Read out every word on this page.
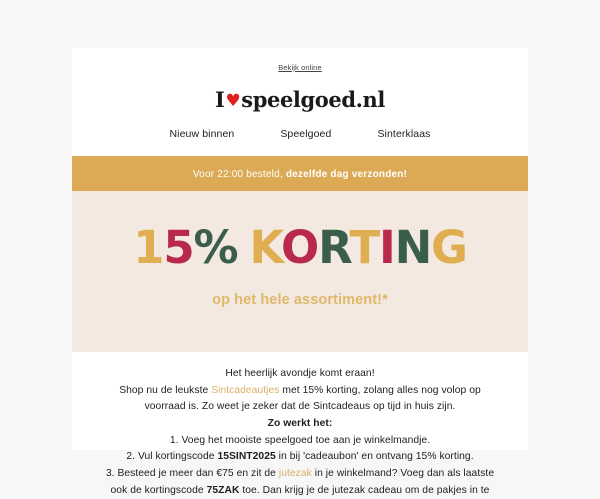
Bekijk online
I♥speelgoed.nl
Nieuw binnen	Speelgoed	Sinterklaas
Voor 22:00 besteld, dezelfde dag verzonden!
15% KORTING
op het hele assortiment!*

Het heerlijk avondje komt eraan!

Shop nu de leukste Sintcadeautjes met 15% korting, zolang alles nog volop op voorraad is. Zo weet je zeker dat de Sintcadeaus op tijd in huis zijn.

Zo werkt het:

1. Voeg het mooiste speelgoed toe aan je winkelmandje.

2. Vul kortingscode 15SINT2025 in bij 'cadeaubon' en ontvang 15% korting.

3. Besteed je meer dan €75 en zit de jutezak in je winkelmand? Voeg dan als laatste ook de kortingscode 75ZAK toe. Dan krijg je de jutezak cadeau om de pakjes in te
